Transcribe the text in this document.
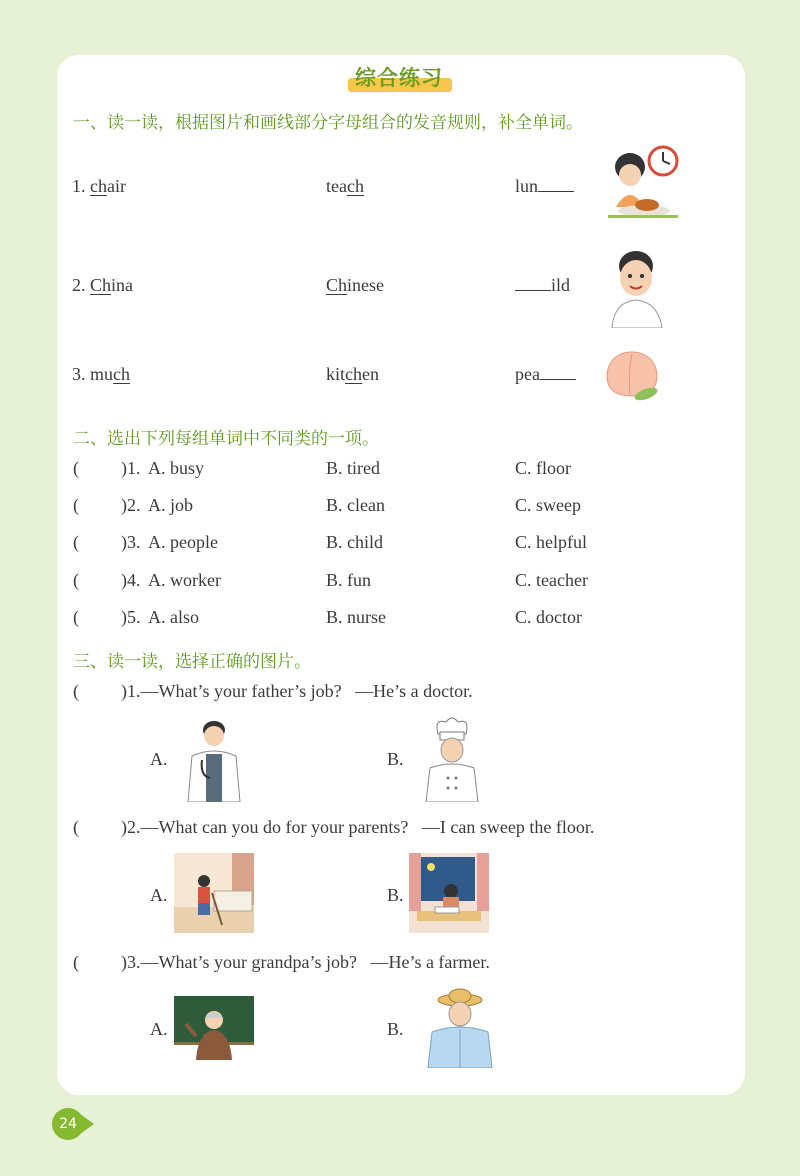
综合练习
一、读一读，根据图片和画线部分字母组合的发音规则，补全单词。
1. chair	teach	lun
2. China	Chinese	ild
3. much	kitchen	pea
二、选出下列每组单词中不同类的一项。
( )1. A. busy	B. tired	C. floor
( )2. A. job	B. clean	C. sweep
( )3. A. people	B. child	C. helpful
( )4. A. worker	B. fun	C. teacher
( )5. A. also	B. nurse	C. doctor
三、读一读，选择正确的图片。
( )1.—What’s your father’s job? —He’s a doctor.
A.	B.
( )2.—What can you do for your parents? —I can sweep the floor.
A.	B.
( )3.—What’s your grandpa’s job? —He’s a farmer.
A.	B.
24
